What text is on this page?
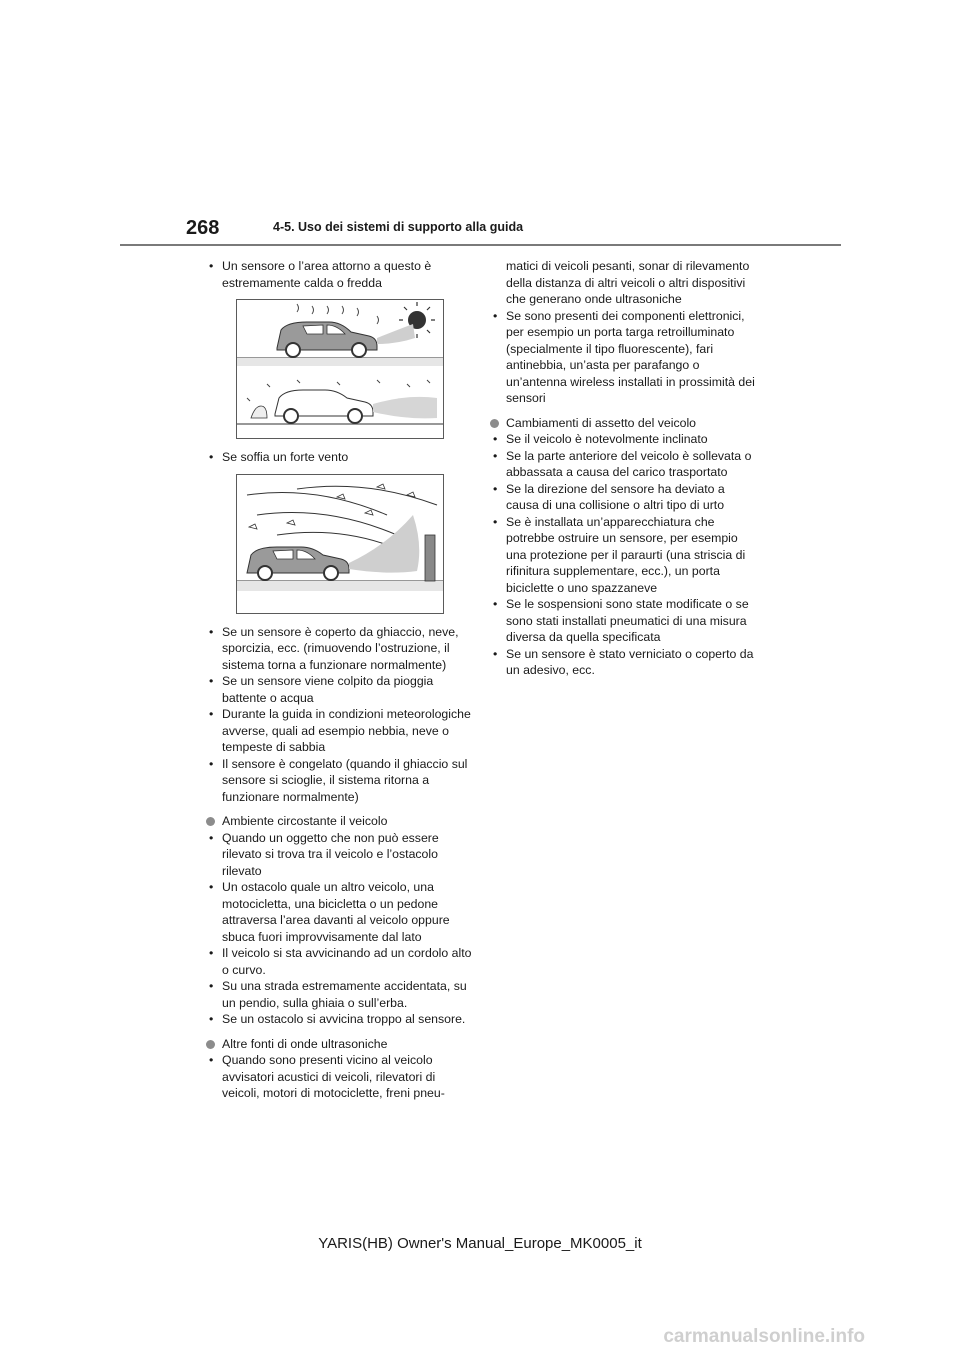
268	4-5. Uso dei sistemi di supporto alla guida
• Un sensore o l’area attorno a questo è estremamente calda o fredda
• Se soffia un forte vento
• Se un sensore è coperto da ghiaccio, neve, sporcizia, ecc. (rimuovendo l’ostruzione, il sistema torna a funzionare normalmente)
• Se un sensore viene colpito da pioggia battente o acqua
• Durante la guida in condizioni meteorologiche avverse, quali ad esempio nebbia, neve o tempeste di sabbia
• Il sensore è congelato (quando il ghiaccio sul sensore si scioglie, il sistema ritorna a funzionare normalmente)
Ambiente circostante il veicolo
• Quando un oggetto che non può essere rilevato si trova tra il veicolo e l’ostacolo rilevato
• Un ostacolo quale un altro veicolo, una motocicletta, una bicicletta o un pedone attraversa l’area davanti al veicolo oppure sbuca fuori improvvisamente dal lato
• Il veicolo si sta avvicinando ad un cordolo alto o curvo.
• Su una strada estremamente accidentata, su un pendio, sulla ghiaia o sull’erba.
• Se un ostacolo si avvicina troppo al sensore.
Altre fonti di onde ultrasoniche
• Quando sono presenti vicino al veicolo avvisatori acustici di veicoli, rilevatori di veicoli, motori di motociclette, freni pneu-
matici di veicoli pesanti, sonar di rilevamento della distanza di altri veicoli o altri dispositivi che generano onde ultrasoniche
• Se sono presenti dei componenti elettronici, per esempio un porta targa retroilluminato (specialmente il tipo fluorescente), fari antinebbia, un’asta per parafango o un’antenna wireless installati in prossimità dei sensori
Cambiamenti di assetto del veicolo
• Se il veicolo è notevolmente inclinato
• Se la parte anteriore del veicolo è sollevata o abbassata a causa del carico trasportato
• Se la direzione del sensore ha deviato a causa di una collisione o altri tipo di urto
• Se è installata un’apparecchiatura che potrebbe ostruire un sensore, per esempio una protezione per il paraurti (una striscia di rifinitura supplementare, ecc.), un porta biciclette o uno spazzaneve
• Se le sospensioni sono state modificate o se sono stati installati pneumatici di una misura diversa da quella specificata
• Se un sensore è stato verniciato o coperto da un adesivo, ecc.
YARIS(HB) Owner's Manual_Europe_MK0005_it
carmanualsonline.info
